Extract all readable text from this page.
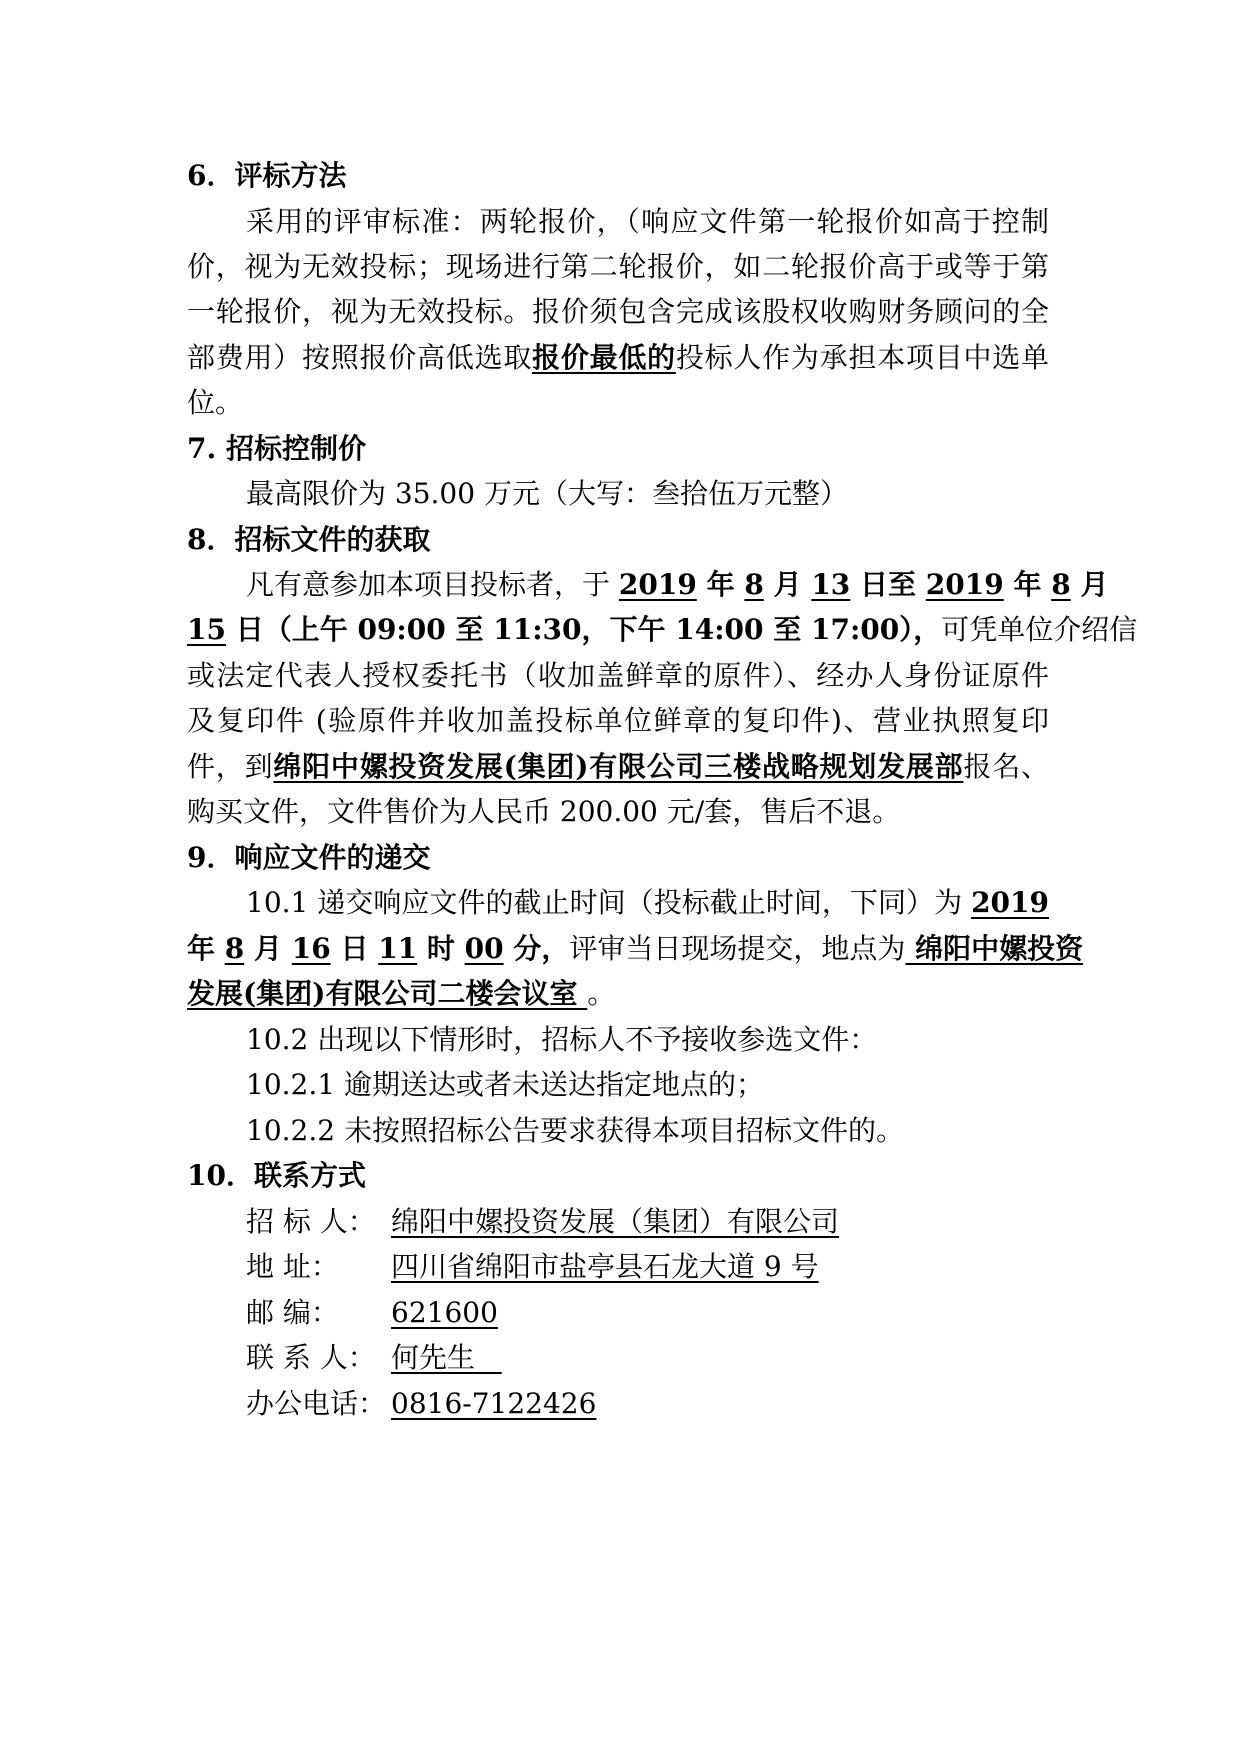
6．评标方法
采用的评审标准：两轮报价，（响应文件第一轮报价如高于控制
价，视为无效投标；现场进行第二轮报价，如二轮报价高于或等于第
一轮报价，视为无效投标。报价须包含完成该股权收购财务顾问的全
部费用）按照报价高低选取报价最低的投标人作为承担本项目中选单
位。
7. 招标控制价
最高限价为 35.00 万元（大写：叁拾伍万元整）
8．招标文件的获取
凡有意参加本项目投标者，于 2019 年 8 月 13 日至 2019 年 8 月
15 日（上午 09:00 至 11:30，下午 14:00 至 17:00），可凭单位介绍信
或法定代表人授权委托书（收加盖鲜章的原件）、经办人身份证原件
及复印件 (验原件并收加盖投标单位鲜章的复印件)、营业执照复印
件，到绵阳中嫘投资发展(集团)有限公司三楼战略规划发展部报名、
购买文件，文件售价为人民币 200.00 元/套，售后不退。
9．响应文件的递交
10.1 递交响应文件的截止时间（投标截止时间，下同）为 2019
年 8 月 16 日 11 时 00 分，评审当日现场提交，地点为 绵阳中嫘投资
发展(集团)有限公司二楼会议室 。
10.2 出现以下情形时，招标人不予接收参选文件：
10.2.1 逾期送达或者未送达指定地点的；
10.2.2 未按照招标公告要求获得本项目招标文件的。
10．联系方式
招 标 人： 绵阳中嫘投资发展（集团）有限公司
地 址： 四川省绵阳市盐亭县石龙大道 9 号
邮 编： 621600
联 系 人： 何先生
办公电话： 0816-7122426
